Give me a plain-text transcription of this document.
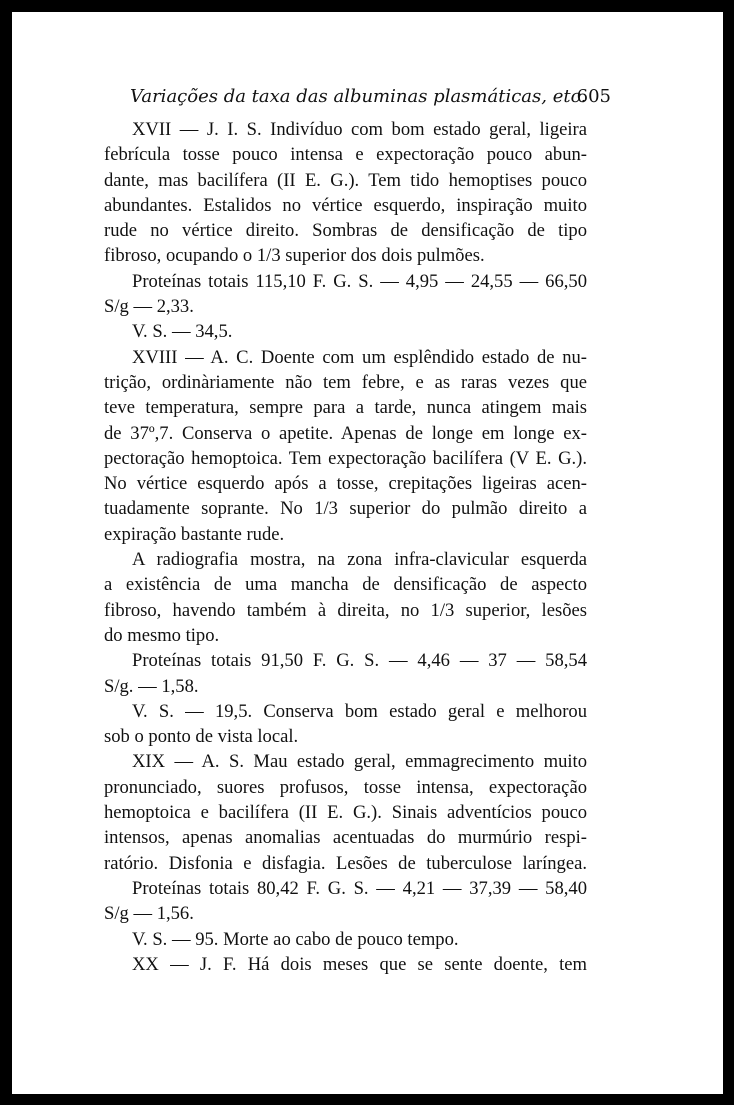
Variações da taxa das albuminas plasmáticas, etc.
605
XVII — J. I. S. Indivíduo com bom estado geral, ligeira
febrícula tosse pouco intensa e expectoração pouco abun-
dante, mas bacilífera (II E. G.). Tem tido hemoptises pouco
abundantes. Estalidos no vértice esquerdo, inspiração muito
rude no vértice direito. Sombras de densificação de tipo
fibroso, ocupando o 1/3 superior dos dois pulmões.
Proteínas totais 115,10 F. G. S. — 4,95 — 24,55 — 66,50
S/g — 2,33.
V. S. — 34,5.
XVIII — A. C. Doente com um esplêndido estado de nu-
trição, ordinàriamente não tem febre, e as raras vezes que
teve temperatura, sempre para a tarde, nunca atingem mais
de 37º,7. Conserva o apetite. Apenas de longe em longe ex-
pectoração hemoptoica. Tem expectoração bacilífera (V E. G.).
No vértice esquerdo após a tosse, crepitações ligeiras acen-
tuadamente soprante. No 1/3 superior do pulmão direito a
expiração bastante rude.
A radiografia mostra, na zona infra-clavicular esquerda
a existência de uma mancha de densificação de aspecto
fibroso, havendo também à direita, no 1/3 superior, lesões
do mesmo tipo.
Proteínas totais 91,50 F. G. S. — 4,46 — 37 — 58,54
S/g. — 1,58.
V. S. — 19,5. Conserva bom estado geral e melhorou
sob o ponto de vista local.
XIX — A. S. Mau estado geral, emmagrecimento muito
pronunciado, suores profusos, tosse intensa, expectoração
hemoptoica e bacilífera (II E. G.). Sinais adventícios pouco
intensos, apenas anomalias acentuadas do murmúrio respi-
ratório. Disfonia e disfagia. Lesões de tuberculose laríngea.
Proteínas totais 80,42 F. G. S. — 4,21 — 37,39 — 58,40
S/g — 1,56.
V. S. — 95. Morte ao cabo de pouco tempo.
XX — J. F. Há dois meses que se sente doente, tem
